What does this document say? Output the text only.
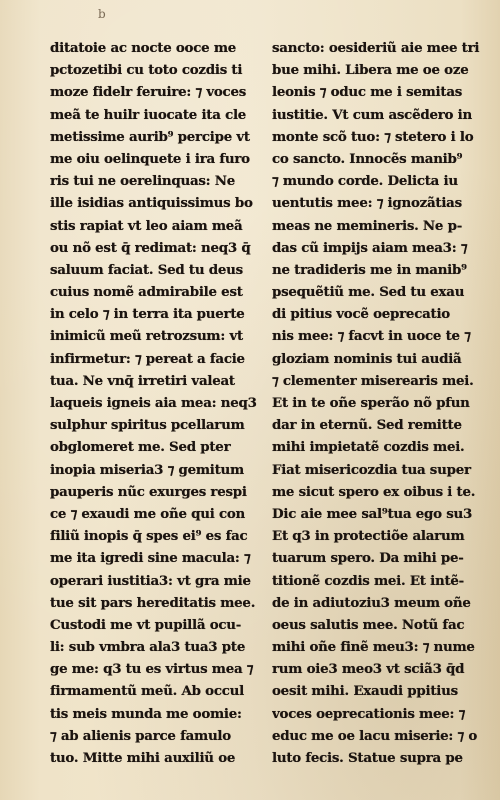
b
ditatoie ac nocte ooce me
pctozetibi cu toto cozdis ti
moze fidelr feruire: ⁊ voces
meã te huilr iuocate ita cle
metissime aurib⁹ percipe vt
me oiu oelinquete i ira furo
ris tui ne oerelinquas: Ne
ille isidias antiquissimus bo
stis rapiat vt leo aiam meã
ou nõ est q̄ redimat: neq3 q̄
saluum faciat. Sed tu deus
cuius nomẽ admirabile est
in celo ⁊ in terra ita puerte
inimicũ meũ retrozsum: vt
infirmetur: ⁊ pereat a facie
tua. Ne vnq̄ irretiri valeat
laqueis igneis aia mea: neq3
sulphur spiritus pcellarum
obglomeret me. Sed pter
inopia miseria3 ⁊ gemitum
pauperis nũc exurges respi
ce ⁊ exaudi me oñe qui con
filiũ inopis q̄ spes ei⁹ es fac
me ita igredi sine macula: ⁊
operari iustitia3: vt gra mie
tue sit pars hereditatis mee.
Custodi me vt pupillã ocu-
li: sub vmbra ala3 tua3 pte
ge me: q3 tu es virtus mea ⁊
firmamentũ meũ. Ab occul
tis meis munda me oomie:
⁊ ab alienis parce famulo
tuo. Mitte mihi auxiliũ oe
sancto: oesideriũ aie mee tri
bue mihi. Libera me oe oze
leonis ⁊ oduc me i semitas
iustitie. Vt cum ascẽdero in
monte scõ tuo: ⁊ stetero i lo
co sancto. Innocẽs manib⁹
⁊ mundo corde. Delicta iu
uentutis mee: ⁊ ignozãtias
meas ne memineris. Ne p-
das cũ impijs aiam mea3: ⁊
ne tradideris me in manib⁹
psequẽtiũ me. Sed tu exau
di pitius vocẽ oeprecatio
nis mee: ⁊ facvt in uoce te ⁊
gloziam nominis tui audiã
⁊ clementer miserearis mei.
Et in te oñe sperão nõ pfun
dar in eternũ. Sed remitte
mihi impietatẽ cozdis mei.
Fiat misericozdia tua super
me sicut spero ex oibus i te.
Dic aie mee sal⁹tua ego su3
Et q3 in protectiõe alarum
tuarum spero. Da mihi pe-
titionẽ cozdis mei. Et intẽ-
de in adiutoziu3 meum oñe
oeus salutis mee. Notũ fac
mihi oñe finẽ meu3: ⁊ nume
rum oie3 meo3 vt sciã3 q̄d
oesit mihi. Exaudi ppitius
voces oeprecationis mee: ⁊
educ me oe lacu miserie: ⁊ o
luto fecis. Statue supra pe
